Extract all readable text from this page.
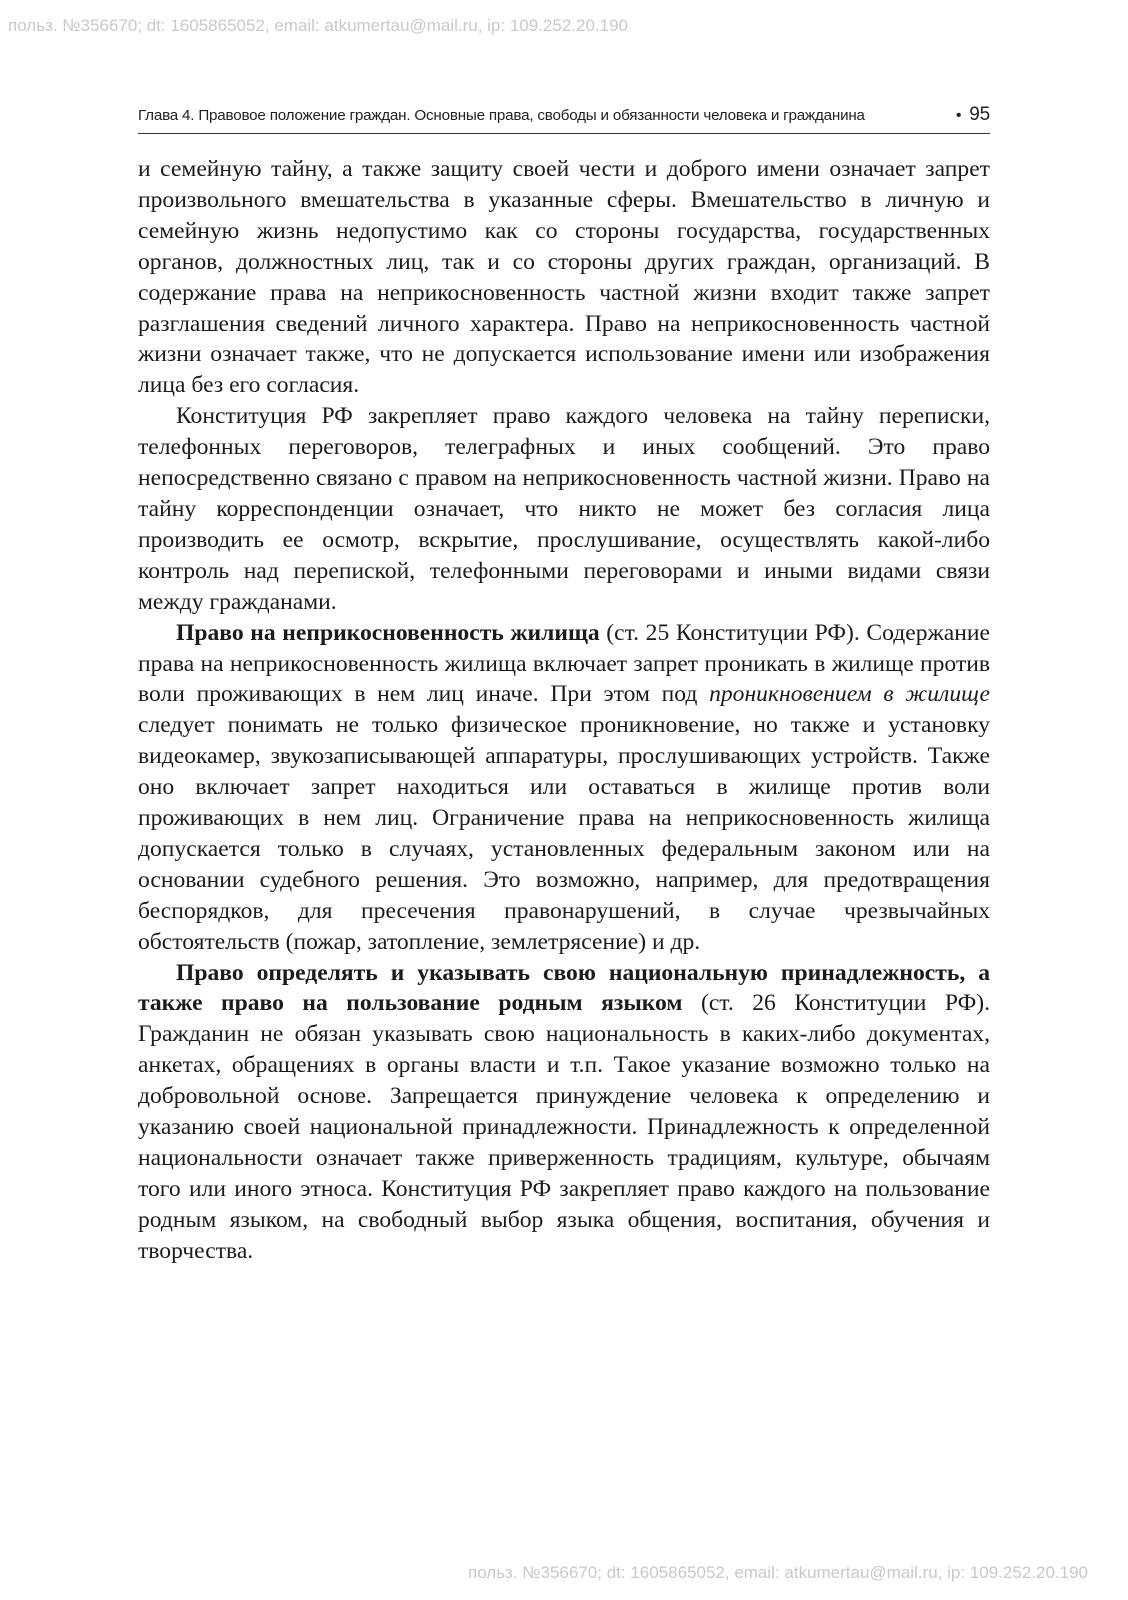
польз. №356670; dt: 1605865052, email: atkumertau@mail.ru, ip: 109.252.20.190
Глава 4. Правовое положение граждан. Основные права, свободы и обязанности человека и гражданина	• 95

и семейную тайну, а также защиту своей чести и доброго имени означает запрет произвольного вмешательства в указанные сферы. Вмешательство в личную и семейную жизнь недопустимо как со стороны государства, государственных органов, должностных лиц, так и со стороны других граждан, организаций. В содержание права на неприкосновенность частной жизни входит также запрет разглашения сведений личного характера. Право на неприкосновенность частной жизни означает также, что не допускается использование имени или изображения лица без его согласия.

Конституция РФ закрепляет право каждого человека на тайну переписки, телефонных переговоров, телеграфных и иных сообщений. Это право непосредственно связано с правом на неприкосновенность частной жизни. Право на тайну корреспонденции означает, что никто не может без согласия лица производить ее осмотр, вскрытие, прослушивание, осуществлять какой-либо контроль над перепиской, телефонными переговорами и иными видами связи между гражданами.

Право на неприкосновенность жилища (ст. 25 Конституции РФ). Содержание права на неприкосновенность жилища включает запрет проникать в жилище против воли проживающих в нем лиц иначе. При этом под проникновением в жилище следует понимать не только физическое проникновение, но также и установку видеокамер, звукозаписывающей аппаратуры, прослушивающих устройств. Также оно включает запрет находиться или оставаться в жилище против воли проживающих в нем лиц. Ограничение права на неприкосновенность жилища допускается только в случаях, установленных федеральным законом или на основании судебного решения. Это возможно, например, для предотвращения беспорядков, для пресечения правонарушений, в случае чрезвычайных обстоятельств (пожар, затопление, землетрясение) и др.

Право определять и указывать свою национальную принадлежность, а также право на пользование родным языком (ст. 26 Конституции РФ). Гражданин не обязан указывать свою национальность в каких-либо документах, анкетах, обращениях в органы власти и т.п. Такое указание возможно только на добровольной основе. Запрещается принуждение человека к определению и указанию своей национальной принадлежности. Принадлежность к определенной национальности означает также приверженность традициям, культуре, обычаям того или иного этноса. Конституция РФ закрепляет право каждого на пользование родным языком, на свободный выбор языка общения, воспитания, обучения и творчества.

польз. №356670; dt: 1605865052, email: atkumertau@mail.ru, ip: 109.252.20.190
